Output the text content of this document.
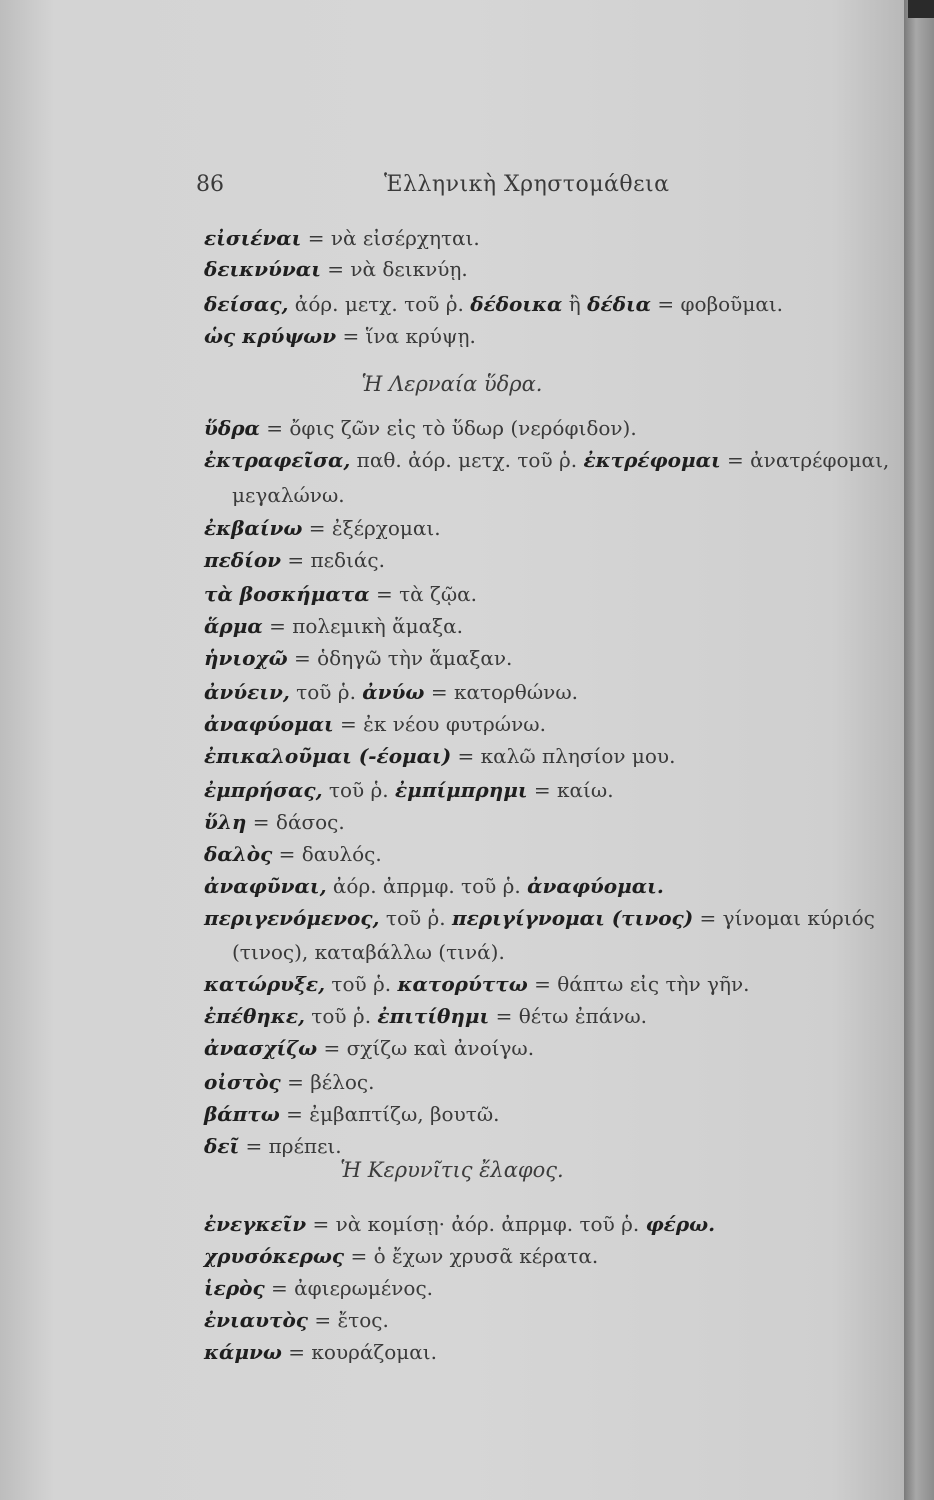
86	Ἑλληνικὴ Χρηστομάθεια
εἰσιέναι = νὰ εἰσέρχηται.
δεικνύναι = νὰ δεικνύῃ.
δείσας, ἀόρ. μετχ. τοῦ ῥ. δέδοικα ἢ δέδια = φοβοῦμαι.
ὡς κρύψων = ἵνα κρύψῃ.
Ἡ Λερναία ὕδρα.
ὕδρα = ὄφις ζῶν εἰς τὸ ὕδωρ (νερόφιδον).
ἐκτραφεῖσα, παθ. ἀόρ. μετχ. τοῦ ῥ. ἐκτρέφομαι = ἀνατρέφομαι,
μεγαλώνω.
ἐκβαίνω = ἐξέρχομαι.
πεδίον = πεδιάς.
τὰ βοσκήματα = τὰ ζῷα.
ἅρμα = πολεμικὴ ἅμαξα.
ἡνιοχῶ = ὁδηγῶ τὴν ἅμαξαν.
ἀνύειν, τοῦ ῥ. ἀνύω = κατορθώνω.
ἀναφύομαι = ἐκ νέου φυτρώνω.
ἐπικαλοῦμαι (-έομαι) = καλῶ πλησίον μου.
ἐμπρήσας, τοῦ ῥ. ἐμπίμπρημι = καίω.
ὕλη = δάσος.
δαλὸς = δαυλός.
ἀναφῦναι, ἀόρ. ἀπρμφ. τοῦ ῥ. ἀναφύομαι.
περιγενόμενος, τοῦ ῥ. περιγίγνομαι (τινος) = γίνομαι κύριός
(τινος), καταβάλλω (τινά).
κατώρυξε, τοῦ ῥ. κατορύττω = θάπτω εἰς τὴν γῆν.
ἐπέθηκε, τοῦ ῥ. ἐπιτίθημι = θέτω ἐπάνω.
ἀνασχίζω = σχίζω καὶ ἀνοίγω.
οἰστὸς = βέλος.
βάπτω = ἐμβαπτίζω, βουτῶ.
δεῖ = πρέπει.
Ἡ Κερυνῖτις ἔλαφος.
ἐνεγκεῖν = νὰ κομίσῃ· ἀόρ. ἀπρμφ. τοῦ ῥ. φέρω.
χρυσόκερως = ὁ ἔχων χρυσᾶ κέρατα.
ἱερὸς = ἀφιερωμένος.
ἐνιαυτὸς = ἔτος.
κάμνω = κουράζομαι.
